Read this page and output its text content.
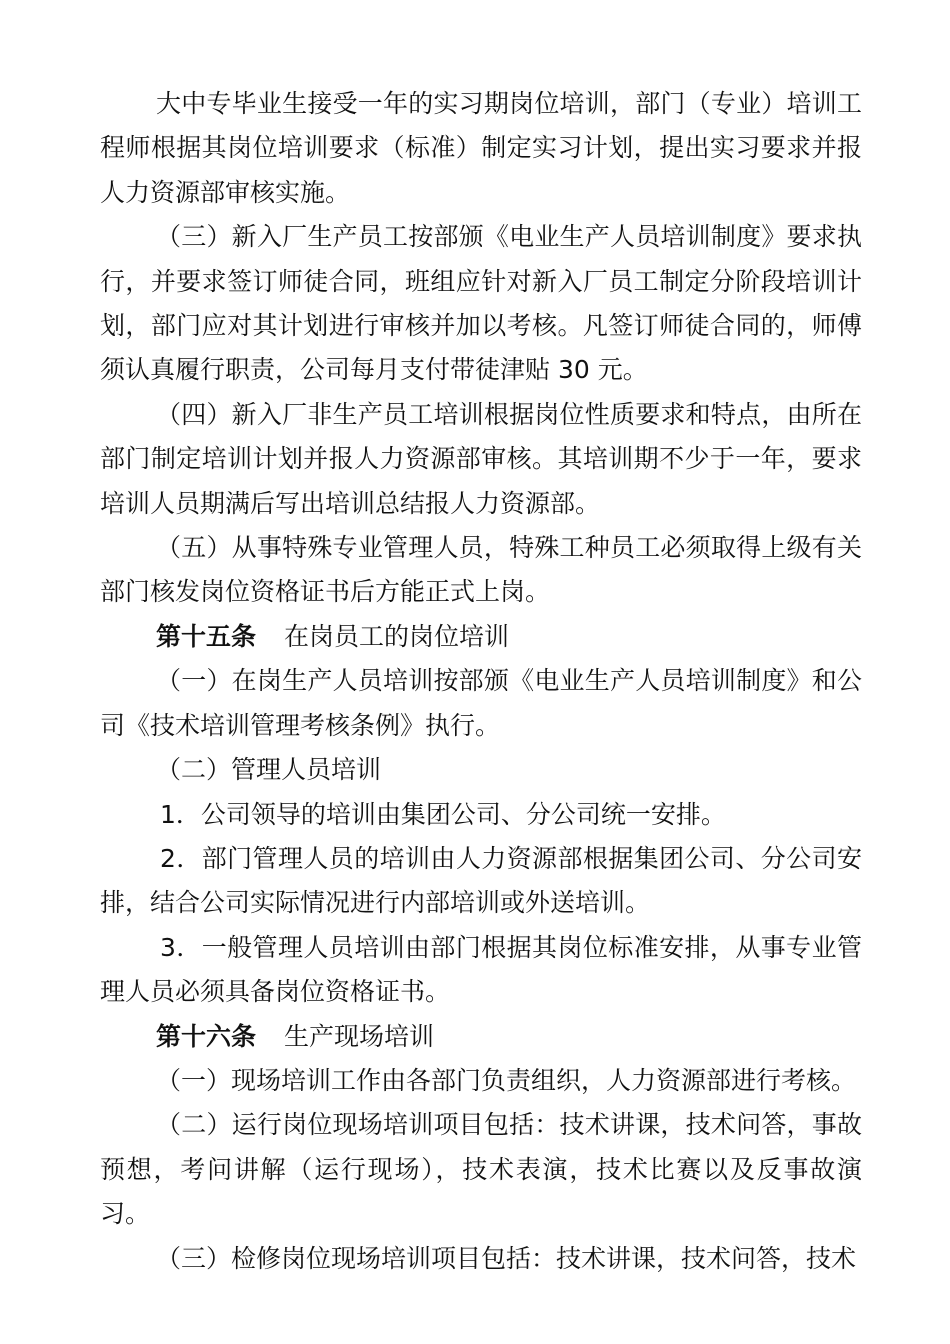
大中专毕业生接受一年的实习期岗位培训，部门（专业）培训工程师根据其岗位培训要求（标准）制定实习计划，提出实习要求并报人力资源部审核实施。

（三）新入厂生产员工按部颁《电业生产人员培训制度》要求执行，并要求签订师徒合同，班组应针对新入厂员工制定分阶段培训计划，部门应对其计划进行审核并加以考核。凡签订师徒合同的，师傅须认真履行职责，公司每月支付带徒津贴 30 元。

（四）新入厂非生产员工培训根据岗位性质要求和特点，由所在部门制定培训计划并报人力资源部审核。其培训期不少于一年，要求培训人员期满后写出培训总结报人力资源部。

（五）从事特殊专业管理人员，特殊工种员工必须取得上级有关部门核发岗位资格证书后方能正式上岗。

第十五条 在岗员工的岗位培训

（一）在岗生产人员培训按部颁《电业生产人员培训制度》和公司《技术培训管理考核条例》执行。

（二）管理人员培训

1．公司领导的培训由集团公司、分公司统一安排。

2．部门管理人员的培训由人力资源部根据集团公司、分公司安排，结合公司实际情况进行内部培训或外送培训。

3．一般管理人员培训由部门根据其岗位标准安排，从事专业管理人员必须具备岗位资格证书。

第十六条 生产现场培训

（一）现场培训工作由各部门负责组织，人力资源部进行考核。

（二）运行岗位现场培训项目包括：技术讲课，技术问答，事故预想，考问讲解（运行现场），技术表演，技术比赛以及反事故演习。

（三）检修岗位现场培训项目包括：技术讲课，技术问答，技术
